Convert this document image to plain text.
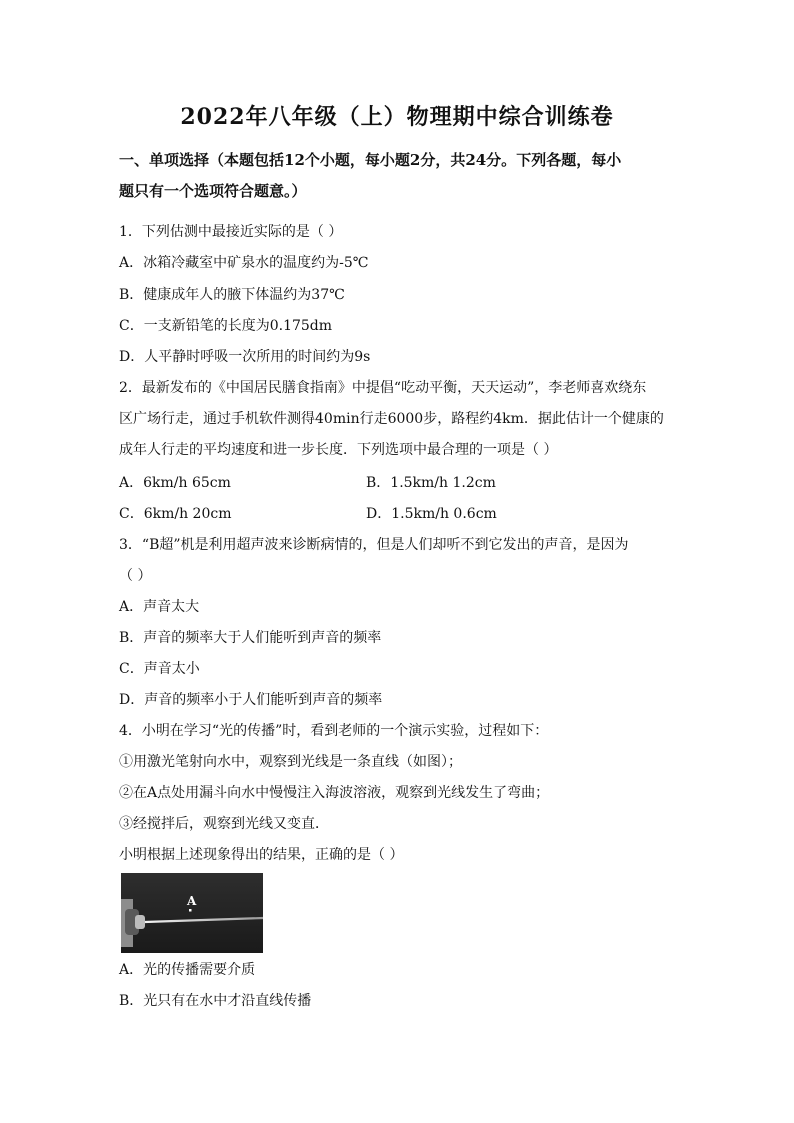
2022年八年级（上）物理期中综合训练卷
一、单项选择（本题包括12个小题，每小题2分，共24分。下列各题，每小
题只有一个选项符合题意。）
1．下列估测中最接近实际的是（ ）
A．冰箱冷藏室中矿泉水的温度约为-5℃
B．健康成年人的腋下体温约为37℃
C．一支新铅笔的长度为0.175dm
D．人平静时呼吸一次所用的时间约为9s
2．最新发布的《中国居民膳食指南》中提倡“吃动平衡，天天运动”，李老师喜欢绕东
区广场行走，通过手机软件测得40min行走6000步，路程约4km．据此估计一个健康的
成年人行走的平均速度和进一步长度．下列选项中最合理的一项是（ ）
A．6km/h 65cm	B．1.5km/h 1.2cm
C．6km/h 20cm	D．1.5km/h 0.6cm
3．“B超”机是利用超声波来诊断病情的，但是人们却听不到它发出的声音，是因为
（ ）
A．声音太大
B．声音的频率大于人们能听到声音的频率
C．声音太小
D．声音的频率小于人们能听到声音的频率
4．小明在学习“光的传播”时，看到老师的一个演示实验，过程如下：
①用激光笔射向水中，观察到光线是一条直线（如图）；
②在A点处用漏斗向水中慢慢注入海波溶液，观察到光线发生了弯曲；
③经搅拌后，观察到光线又变直．
小明根据上述现象得出的结果，正确的是（ ）
A
A．光的传播需要介质
B．光只有在水中才沿直线传播
